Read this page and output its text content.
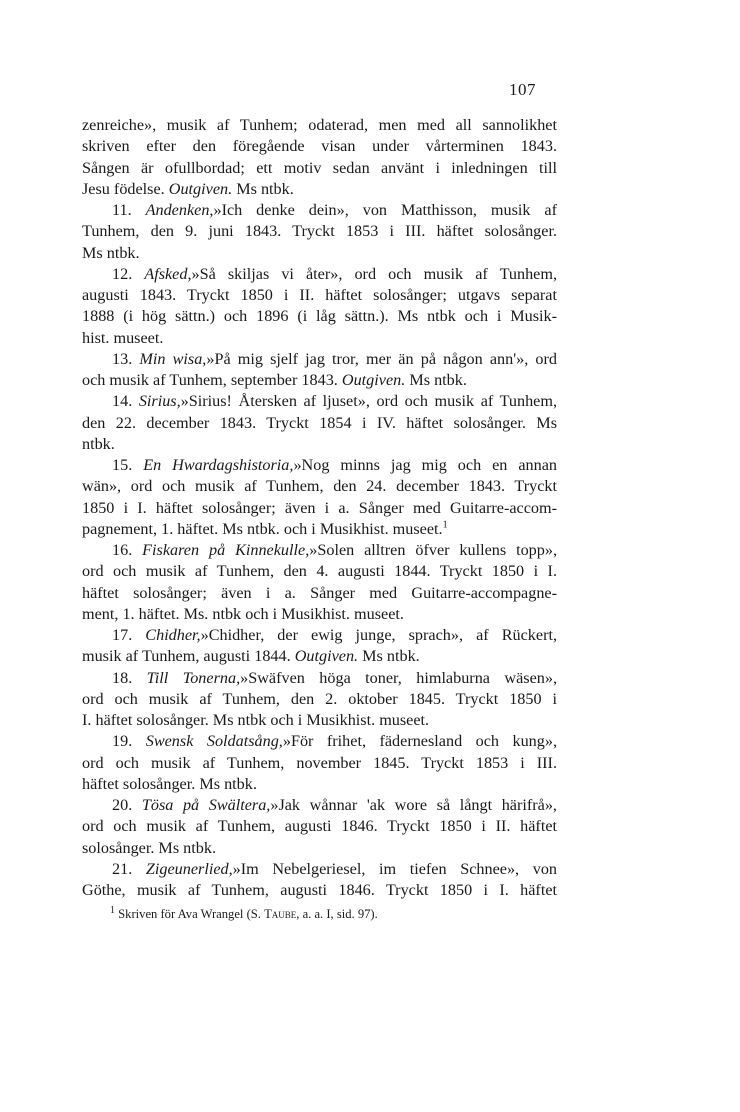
107

zenreiche», musik af Tunhem; odaterad, men med all sannolikhet

skriven efter den föregående visan under vårterminen 1843.

Sången är ofullbordad; ett motiv sedan använt i inledningen till

Jesu födelse. Outgiven. Ms ntbk.

11. Andenken,»Ich denke dein», von Matthisson, musik af

Tunhem, den 9. juni 1843. Tryckt 1853 i III. häftet solosånger.

Ms ntbk.

12. Afsked,»Så skiljas vi åter», ord och musik af Tunhem,

augusti 1843. Tryckt 1850 i II. häftet solosånger; utgavs separat

1888 (i hög sättn.) och 1896 (i låg sättn.). Ms ntbk och i Musik-

hist. museet.

13. Min wisa,»På mig sjelf jag tror, mer än på någon ann'», ord

och musik af Tunhem, september 1843. Outgiven. Ms ntbk.

14. Sirius,»Sirius! Återsken af ljuset», ord och musik af Tunhem,

den 22. december 1843. Tryckt 1854 i IV. häftet solosånger. Ms

ntbk.

15. En Hwardagshistoria,»Nog minns jag mig och en annan

wän», ord och musik af Tunhem, den 24. december 1843. Tryckt

1850 i I. häftet solosånger; även i a. Sånger med Guitarre-accom-

pagnement, 1. häftet. Ms ntbk. och i Musikhist. museet.$^1$

16. Fiskaren på Kinnekulle,»Solen alltren öfver kullens topp»,

ord och musik af Tunhem, den 4. augusti 1844. Tryckt 1850 i I.

häftet solosånger; även i a. Sånger med Guitarre-accompagne-

ment, 1. häftet. Ms. ntbk och i Musikhist. museet.

17. Chidher,»Chidher, der ewig junge, sprach», af Rückert,

musik af Tunhem, augusti 1844. Outgiven. Ms ntbk.

18. Till Tonerna,»Swäfven höga toner, himlaburna wäsen»,

ord och musik af Tunhem, den 2. oktober 1845. Tryckt 1850 i

I. häftet solosånger. Ms ntbk och i Musikhist. museet.

19. Swensk Soldatsång,»För frihet, fädernesland och kung»,

ord och musik af Tunhem, november 1845. Tryckt 1853 i III.

häftet solosånger. Ms ntbk.

20. Tösa på Swältera,»Jak wånnar 'ak wore så långt härifrå»,

ord och musik af Tunhem, augusti 1846. Tryckt 1850 i II. häftet

solosånger. Ms ntbk.

21. Zigeunerlied,»Im Nebelgeriesel, im tiefen Schnee», von

Göthe, musik af Tunhem, augusti 1846. Tryckt 1850 i I. häftet

$^1$ Skriven för Ava Wrangel (S. Taube, a. a. I, sid. 97).
